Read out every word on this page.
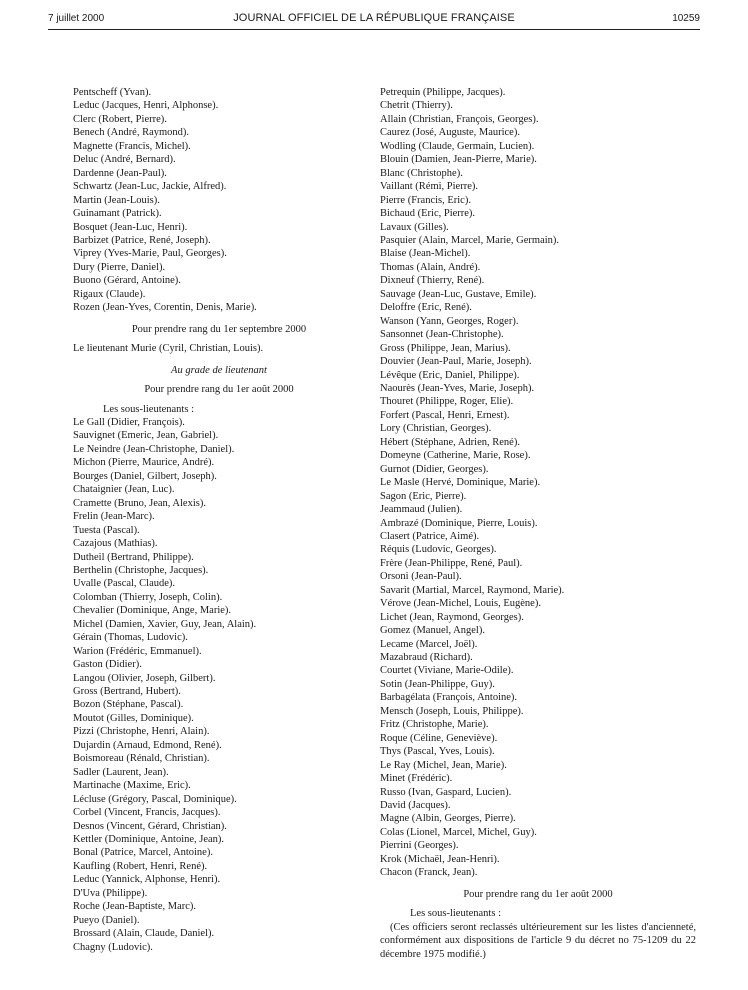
7 juillet 2000	JOURNAL OFFICIEL DE LA RÉPUBLIQUE FRANÇAISE	10259
Pentscheff (Yvan).
Leduc (Jacques, Henri, Alphonse).
Clerc (Robert, Pierre).
Benech (André, Raymond).
Magnette (Francis, Michel).
Deluc (André, Bernard).
Dardenne (Jean-Paul).
Schwartz (Jean-Luc, Jackie, Alfred).
Martin (Jean-Louis).
Guinamant (Patrick).
Bosquet (Jean-Luc, Henri).
Barbizet (Patrice, René, Joseph).
Viprey (Yves-Marie, Paul, Georges).
Dury (Pierre, Daniel).
Buono (Gérard, Antoine).
Rigaux (Claude).
Rozen (Jean-Yves, Corentin, Denis, Marie).
Pour prendre rang du 1er septembre 2000
Le lieutenant Murie (Cyril, Christian, Louis).
Au grade de lieutenant
Pour prendre rang du 1er août 2000
Les sous-lieutenants :
Le Gall (Didier, François).
Sauvignet (Emeric, Jean, Gabriel).
Le Neindre (Jean-Christophe, Daniel).
Michon (Pierre, Maurice, André).
Bourges (Daniel, Gilbert, Joseph).
Chataignier (Jean, Luc).
Cramette (Bruno, Jean, Alexis).
Frelin (Jean-Marc).
Tuesta (Pascal).
Cazajous (Mathias).
Dutheil (Bertrand, Philippe).
Berthelin (Christophe, Jacques).
Uvalle (Pascal, Claude).
Colomban (Thierry, Joseph, Colin).
Chevalier (Dominique, Ange, Marie).
Michel (Damien, Xavier, Guy, Jean, Alain).
Gérain (Thomas, Ludovic).
Warion (Frédéric, Emmanuel).
Gaston (Didier).
Langou (Olivier, Joseph, Gilbert).
Gross (Bertrand, Hubert).
Bozon (Stéphane, Pascal).
Moutot (Gilles, Dominique).
Pizzi (Christophe, Henri, Alain).
Dujardin (Arnaud, Edmond, René).
Boismoreau (Rénald, Christian).
Sadler (Laurent, Jean).
Martinache (Maxime, Eric).
Lécluse (Grégory, Pascal, Dominique).
Corbel (Vincent, Francis, Jacques).
Desnos (Vincent, Gérard, Christian).
Kettler (Dominique, Antoine, Jean).
Bonal (Patrice, Marcel, Antoine).
Kaufling (Robert, Henri, René).
Leduc (Yannick, Alphonse, Henri).
D'Uva (Philippe).
Roche (Jean-Baptiste, Marc).
Pueyo (Daniel).
Brossard (Alain, Claude, Daniel).
Chagny (Ludovic).
Petrequin (Philippe, Jacques).
Chetrit (Thierry).
Allain (Christian, François, Georges).
Caurez (José, Auguste, Maurice).
Wodling (Claude, Germain, Lucien).
Blouin (Damien, Jean-Pierre, Marie).
Blanc (Christophe).
Vaillant (Rémi, Pierre).
Pierre (Francis, Eric).
Bichaud (Eric, Pierre).
Lavaux (Gilles).
Pasquier (Alain, Marcel, Marie, Germain).
Blaise (Jean-Michel).
Thomas (Alain, André).
Dixneuf (Thierry, René).
Sauvage (Jean-Luc, Gustave, Emile).
Deloffre (Eric, René).
Wanson (Yann, Georges, Roger).
Sansonnet (Jean-Christophe).
Gross (Philippe, Jean, Marius).
Douvier (Jean-Paul, Marie, Joseph).
Lévêque (Eric, Daniel, Philippe).
Naourès (Jean-Yves, Marie, Joseph).
Thouret (Philippe, Roger, Elie).
Forfert (Pascal, Henri, Ernest).
Lory (Christian, Georges).
Hébert (Stéphane, Adrien, René).
Domeyne (Catherine, Marie, Rose).
Gurnot (Didier, Georges).
Le Masle (Hervé, Dominique, Marie).
Sagon (Eric, Pierre).
Jeammaud (Julien).
Ambrazé (Dominique, Pierre, Louis).
Clasert (Patrice, Aimé).
Réquis (Ludovic, Georges).
Frère (Jean-Philippe, René, Paul).
Orsoni (Jean-Paul).
Savarit (Martial, Marcel, Raymond, Marie).
Vérove (Jean-Michel, Louis, Eugène).
Lichet (Jean, Raymond, Georges).
Gomez (Manuel, Angel).
Lecame (Marcel, Joël).
Mazabraud (Richard).
Courtet (Viviane, Marie-Odile).
Sotin (Jean-Philippe, Guy).
Barbagélata (François, Antoine).
Mensch (Joseph, Louis, Philippe).
Fritz (Christophe, Marie).
Roque (Céline, Geneviève).
Thys (Pascal, Yves, Louis).
Le Ray (Michel, Jean, Marie).
Minet (Frédéric).
Russo (Ivan, Gaspard, Lucien).
David (Jacques).
Magne (Albin, Georges, Pierre).
Colas (Lionel, Marcel, Michel, Guy).
Pierrini (Georges).
Krok (Michaël, Jean-Henri).
Chacon (Franck, Jean).
Pour prendre rang du 1er août 2000
Les sous-lieutenants :
(Ces officiers seront reclassés ultérieurement sur les listes d'ancienneté, conformément aux dispositions de l'article 9 du décret no 75-1209 du 22 décembre 1975 modifié.)
